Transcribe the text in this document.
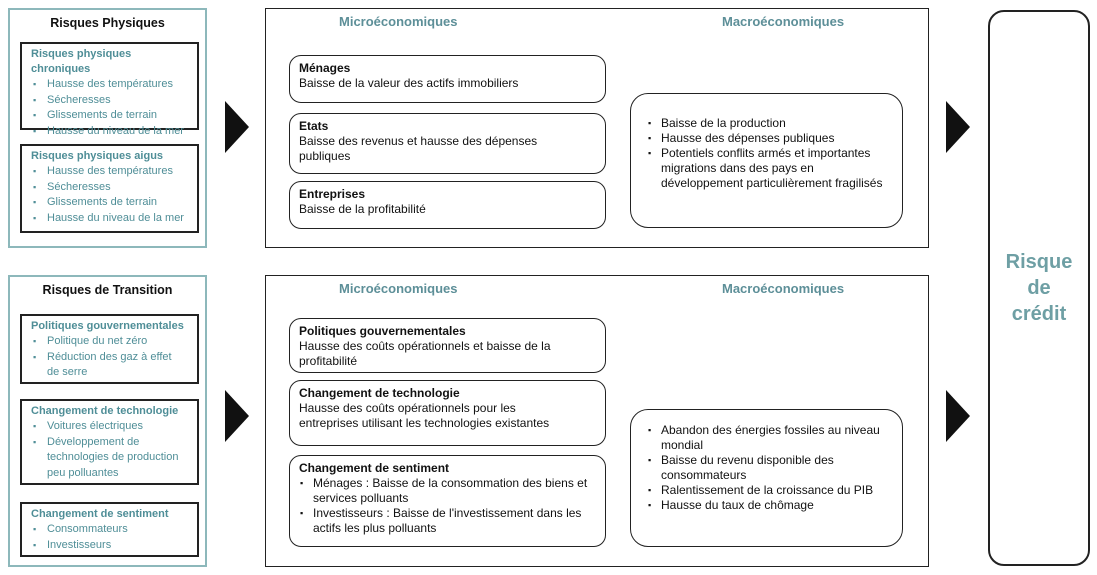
Risques Physiques
Risques physiques chroniques
▪ Hausse des températures
▪ Sécheresses
▪ Glissements de terrain
▪ Hausse du niveau de la mer
Risques physiques aigus
▪ Hausse des températures
▪ Sécheresses
▪ Glissements de terrain
▪ Hausse du niveau de la mer
Risques de Transition
Politiques gouvernementales
▪ Politique du net zéro
▪ Réduction des gaz à effet de serre
Changement de technologie
▪ Voitures électriques
▪ Développement de technologies de production peu polluantes
Changement de sentiment
▪ Consommateurs
▪ Investisseurs
Microéconomiques	Macroéconomiques
Ménages
Baisse de la valeur des actifs immobiliers
Etats
Baisse des revenus et hausse des dépenses publiques
Entreprises
Baisse de la profitabilité
▪ Baisse de la production
▪ Hausse des dépenses publiques
▪ Potentiels conflits armés et importantes migrations dans des pays en développement particulièrement fragilisés
Microéconomiques	Macroéconomiques
Politiques gouvernementales
Hausse des coûts opérationnels et baisse de la profitabilité
Changement de technologie
Hausse des coûts opérationnels pour les entreprises utilisant les technologies existantes
Changement de sentiment
▪ Ménages : Baisse de la consommation des biens et services polluants
▪ Investisseurs : Baisse de l'investissement dans les actifs les plus polluants
▪ Abandon des énergies fossiles au niveau mondial
▪ Baisse du revenu disponible des consommateurs
▪ Ralentissement de la croissance du PIB
▪ Hausse du taux de chômage
Risque
de
crédit
